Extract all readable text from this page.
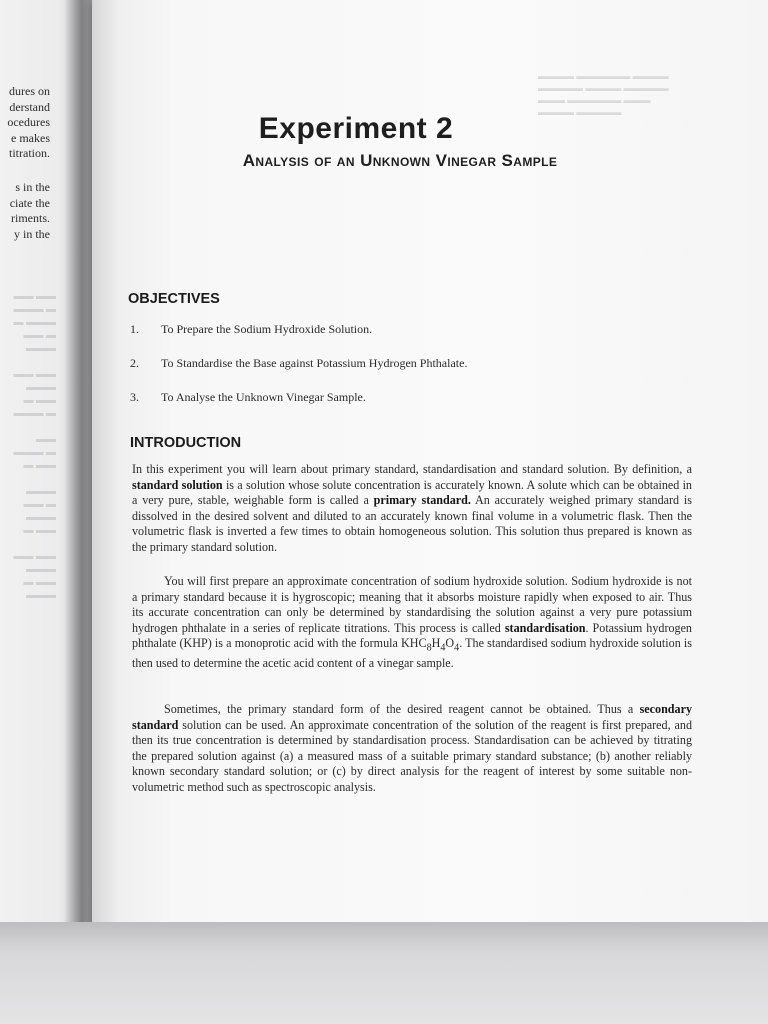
dures on
derstand
ocedures
e makes
titration.
s in the
ciate the
riments.
y in the
▬▬ ▬▬
▬▬▬ ▬
▬ ▬▬▬
▬▬ ▬
▬▬▬

▬▬ ▬▬
▬▬▬
▬ ▬▬
▬▬▬ ▬

▬▬
▬▬▬ ▬
▬ ▬▬

▬▬▬
▬▬ ▬
▬▬▬
▬ ▬▬

▬▬ ▬▬
▬▬▬
▬ ▬▬
▬▬▬
▬▬▬▬ ▬▬▬▬▬▬ ▬▬▬▬
▬▬▬▬▬ ▬▬▬▬ ▬▬▬▬▬
▬▬▬ ▬▬▬▬▬▬ ▬▬▬
▬▬▬▬ ▬▬▬▬▬
Experiment 2
Analysis of an Unknown Vinegar Sample
OBJECTIVES
1. To Prepare the Sodium Hydroxide Solution.
2. To Standardise the Base against Potassium Hydrogen Phthalate.
3. To Analyse the Unknown Vinegar Sample.
INTRODUCTION

In this experiment you will learn about primary standard, standardisation and standard solution. By definition, a standard solution is a solution whose solute concentration is accurately known. A solute which can be obtained in a very pure, stable, weighable form is called a primary standard. An accurately weighed primary standard is dissolved in the desired solvent and diluted to an accurately known final volume in a volumetric flask. Then the volumetric flask is inverted a few times to obtain homogeneous solution. This solution thus prepared is known as the primary standard solution.

You will first prepare an approximate concentration of sodium hydroxide solution. Sodium hydroxide is not a primary standard because it is hygroscopic; meaning that it absorbs moisture rapidly when exposed to air. Thus its accurate concentration can only be determined by standardising the solution against a very pure potassium hydrogen phthalate in a series of replicate titrations. This process is called standardisation. Potassium hydrogen phthalate (KHP) is a monoprotic acid with the formula $KHC_8H_4O_4$. The standardised sodium hydroxide solution is then used to determine the acetic acid content of a vinegar sample.

Sometimes, the primary standard form of the desired reagent cannot be obtained. Thus a secondary standard solution can be used. An approximate concentration of the solution of the reagent is first prepared, and then its true concentration is determined by standardisation process. Standardisation can be achieved by titrating the prepared solution against (a) a measured mass of a suitable primary standard substance; (b) another reliably known secondary standard solution; or (c) by direct analysis for the reagent of interest by some suitable non-volumetric method such as spectroscopic analysis.
